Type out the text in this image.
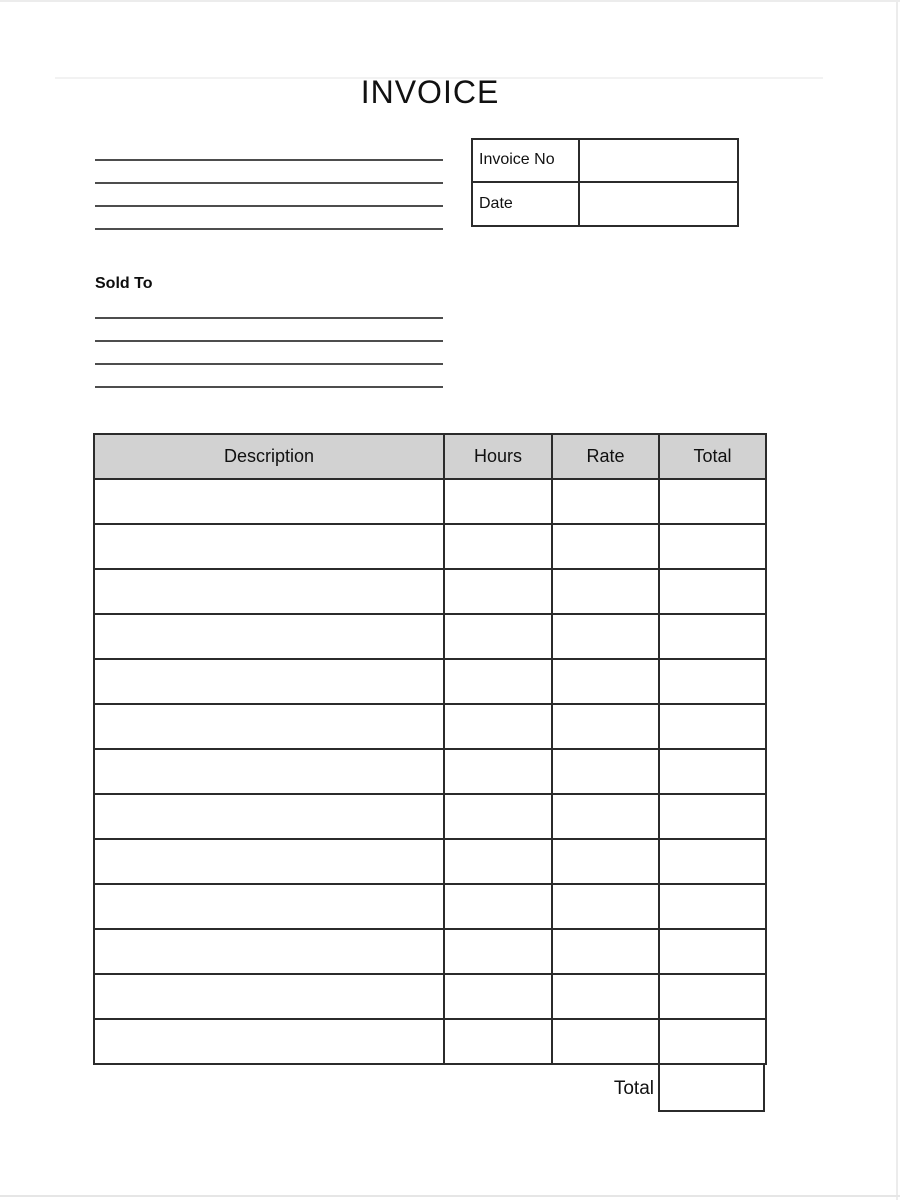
INVOICE
Invoice No
Date
Sold To
Description	Hours	Rate	Total

Total
